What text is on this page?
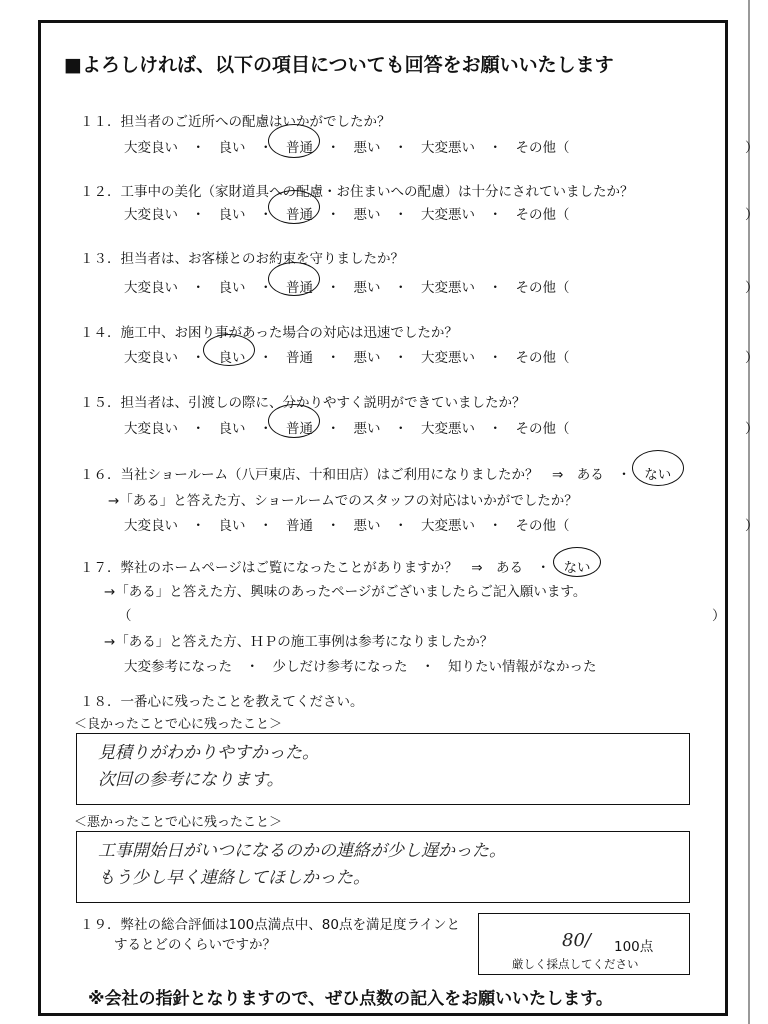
■よろしければ、以下の項目についても回答をお願いいたします
１１．担当者のご近所への配慮はいかがでしたか？
大変良い　・　良い　・　普通　・　悪い　・　大変悪い　・　その他（　　　　　　　　　　　　　）
１２．工事中の美化（家財道具への配慮・お住まいへの配慮）は十分にされていましたか？
大変良い　・　良い　・　普通　・　悪い　・　大変悪い　・　その他（　　　　　　　　　　　　　）
１３．担当者は、お客様とのお約束を守りましたか？
大変良い　・　良い　・　普通　・　悪い　・　大変悪い　・　その他（　　　　　　　　　　　　　）
１４．施工中、お困り事があった場合の対応は迅速でしたか？
大変良い　・　良い　・　普通　・　悪い　・　大変悪い　・　その他（　　　　　　　　　　　　　）
１５．担当者は、引渡しの際に、分かりやすく説明ができていましたか？
大変良い　・　良い　・　普通　・　悪い　・　大変悪い　・　その他（　　　　　　　　　　　　　）
１６．当社ショールーム（八戸東店、十和田店）はご利用になりましたか？　⇒　ある　・　ない
→「ある」と答えた方、ショールームでのスタッフの対応はいかがでしたか？
大変良い　・　良い　・　普通　・　悪い　・　大変悪い　・　その他（　　　　　　　　　　　　　）
１７．弊社のホームページはご覧になったことがありますか？　⇒　ある　・　ない
→「ある」と答えた方、興味のあったページがございましたらご記入願います。
（　　　　　　　　　　　　　　　　　　　　　　　　　　　　　　　　　　　　　　　　　　　）
→「ある」と答えた方、ＨＰの施工事例は参考になりましたか？
大変参考になった　・　少しだけ参考になった　・　知りたい情報がなかった
１８．一番心に残ったことを教えてください。
＜良かったことで心に残ったこと＞
見積りがわかりやすかった。
次回の参考になります。
＜悪かったことで心に残ったこと＞
工事開始日がいつになるのかの連絡が少し遅かった。
もう少し早く連絡してほしかった。
１９．弊社の総合評価は100点満点中、80点を満足度ラインと
するとどのくらいですか？	80/ 100点
厳しく採点してください
※会社の指針となりますので、ぜひ点数の記入をお願いいたします。
